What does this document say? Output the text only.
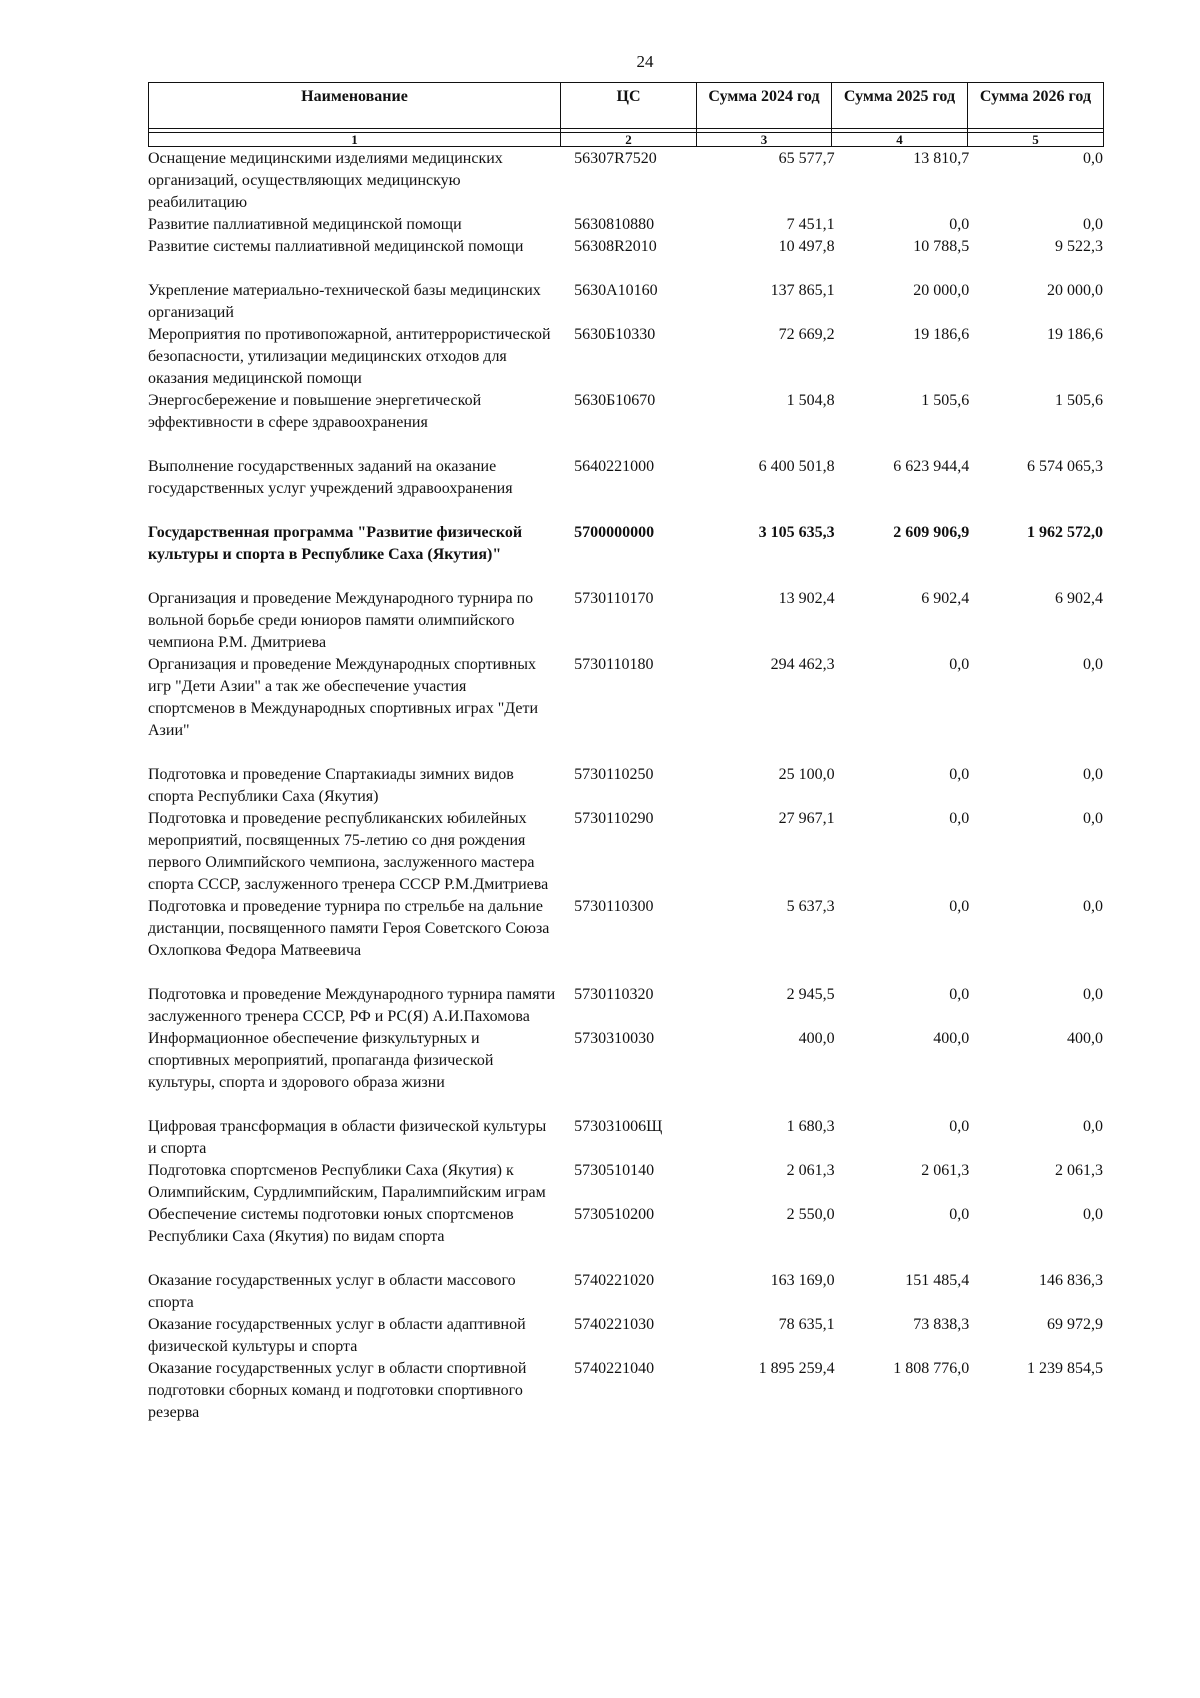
24
Наименование	ЦС	Сумма 2024 год	Сумма 2025 год	Сумма 2026 год

1	2	3	4	5
Оснащение медицинскими изделиями медицинских организаций, осуществляющих медицинскую реабилитацию
56307R7520	65 577,7	13 810,7	0,0
Развитие паллиативной медицинской помощи	5630810880	7 451,1	0,0	0,0
Развитие системы паллиативной медицинской помощи	56308R2010	10 497,8	10 788,5	9 522,3
Укрепление материально-технической базы медицинских организаций
5630A10160	137 865,1	20 000,0	20 000,0
Мероприятия по противопожарной, антитеррористической безопасности, утилизации медицинских отходов для оказания медицинской помощи
5630Б10330	72 669,2	19 186,6	19 186,6
Энергосбережение и повышение энергетической эффективности в сфере здравоохранения
5630Б10670	1 504,8	1 505,6	1 505,6
Выполнение государственных заданий на оказание государственных услуг учреждений здравоохранения
5640221000	6 400 501,8	6 623 944,4	6 574 065,3
Государственная программа "Развитие физической культуры и спорта в Республике Саха (Якутия)"
5700000000	3 105 635,3	2 609 906,9	1 962 572,0
Организация и проведение Международного турнира по вольной борьбе среди юниоров памяти олимпийского чемпиона Р.М. Дмитриева
5730110170	13 902,4	6 902,4	6 902,4
Организация и проведение Международных спортивных игр "Дети Азии" а так же обеспечение участия спортсменов в Международных спортивных играх "Дети Азии"
5730110180	294 462,3	0,0	0,0
Подготовка и проведение Спартакиады зимних видов спорта Республики Саха (Якутия)
5730110250	25 100,0	0,0	0,0
Подготовка и проведение республиканских юбилейных мероприятий, посвященных 75-летию со дня рождения первого Олимпийского чемпиона, заслуженного мастера спорта СССР, заслуженного тренера СССР Р.М.Дмитриева
5730110290	27 967,1	0,0	0,0
Подготовка и проведение турнира по стрельбе на дальние дистанции, посвященного памяти Героя Советского Союза Охлопкова Федора Матвеевича
5730110300	5 637,3	0,0	0,0
Подготовка и проведение Международного турнира памяти заслуженного тренера СССР, РФ и РС(Я) А.И.Пахомова
5730110320	2 945,5	0,0	0,0
Информационное обеспечение физкультурных и спортивных мероприятий, пропаганда физической культуры, спорта и здорового образа жизни
5730310030	400,0	400,0	400,0
Цифровая трансформация в области физической культуры и спорта
573031006Щ	1 680,3	0,0	0,0
Подготовка спортсменов Республики Саха (Якутия) к Олимпийским, Сурдлимпийским, Паралимпийским играм
5730510140	2 061,3	2 061,3	2 061,3
Обеспечение системы подготовки юных спортсменов Республики Саха (Якутия) по видам спорта
5730510200	2 550,0	0,0	0,0
Оказание государственных услуг в области массового спорта
5740221020	163 169,0	151 485,4	146 836,3
Оказание государственных услуг в области адаптивной физической культуры и спорта
5740221030	78 635,1	73 838,3	69 972,9
Оказание государственных услуг в области спортивной подготовки сборных команд и подготовки спортивного резерва
5740221040	1 895 259,4	1 808 776,0	1 239 854,5
